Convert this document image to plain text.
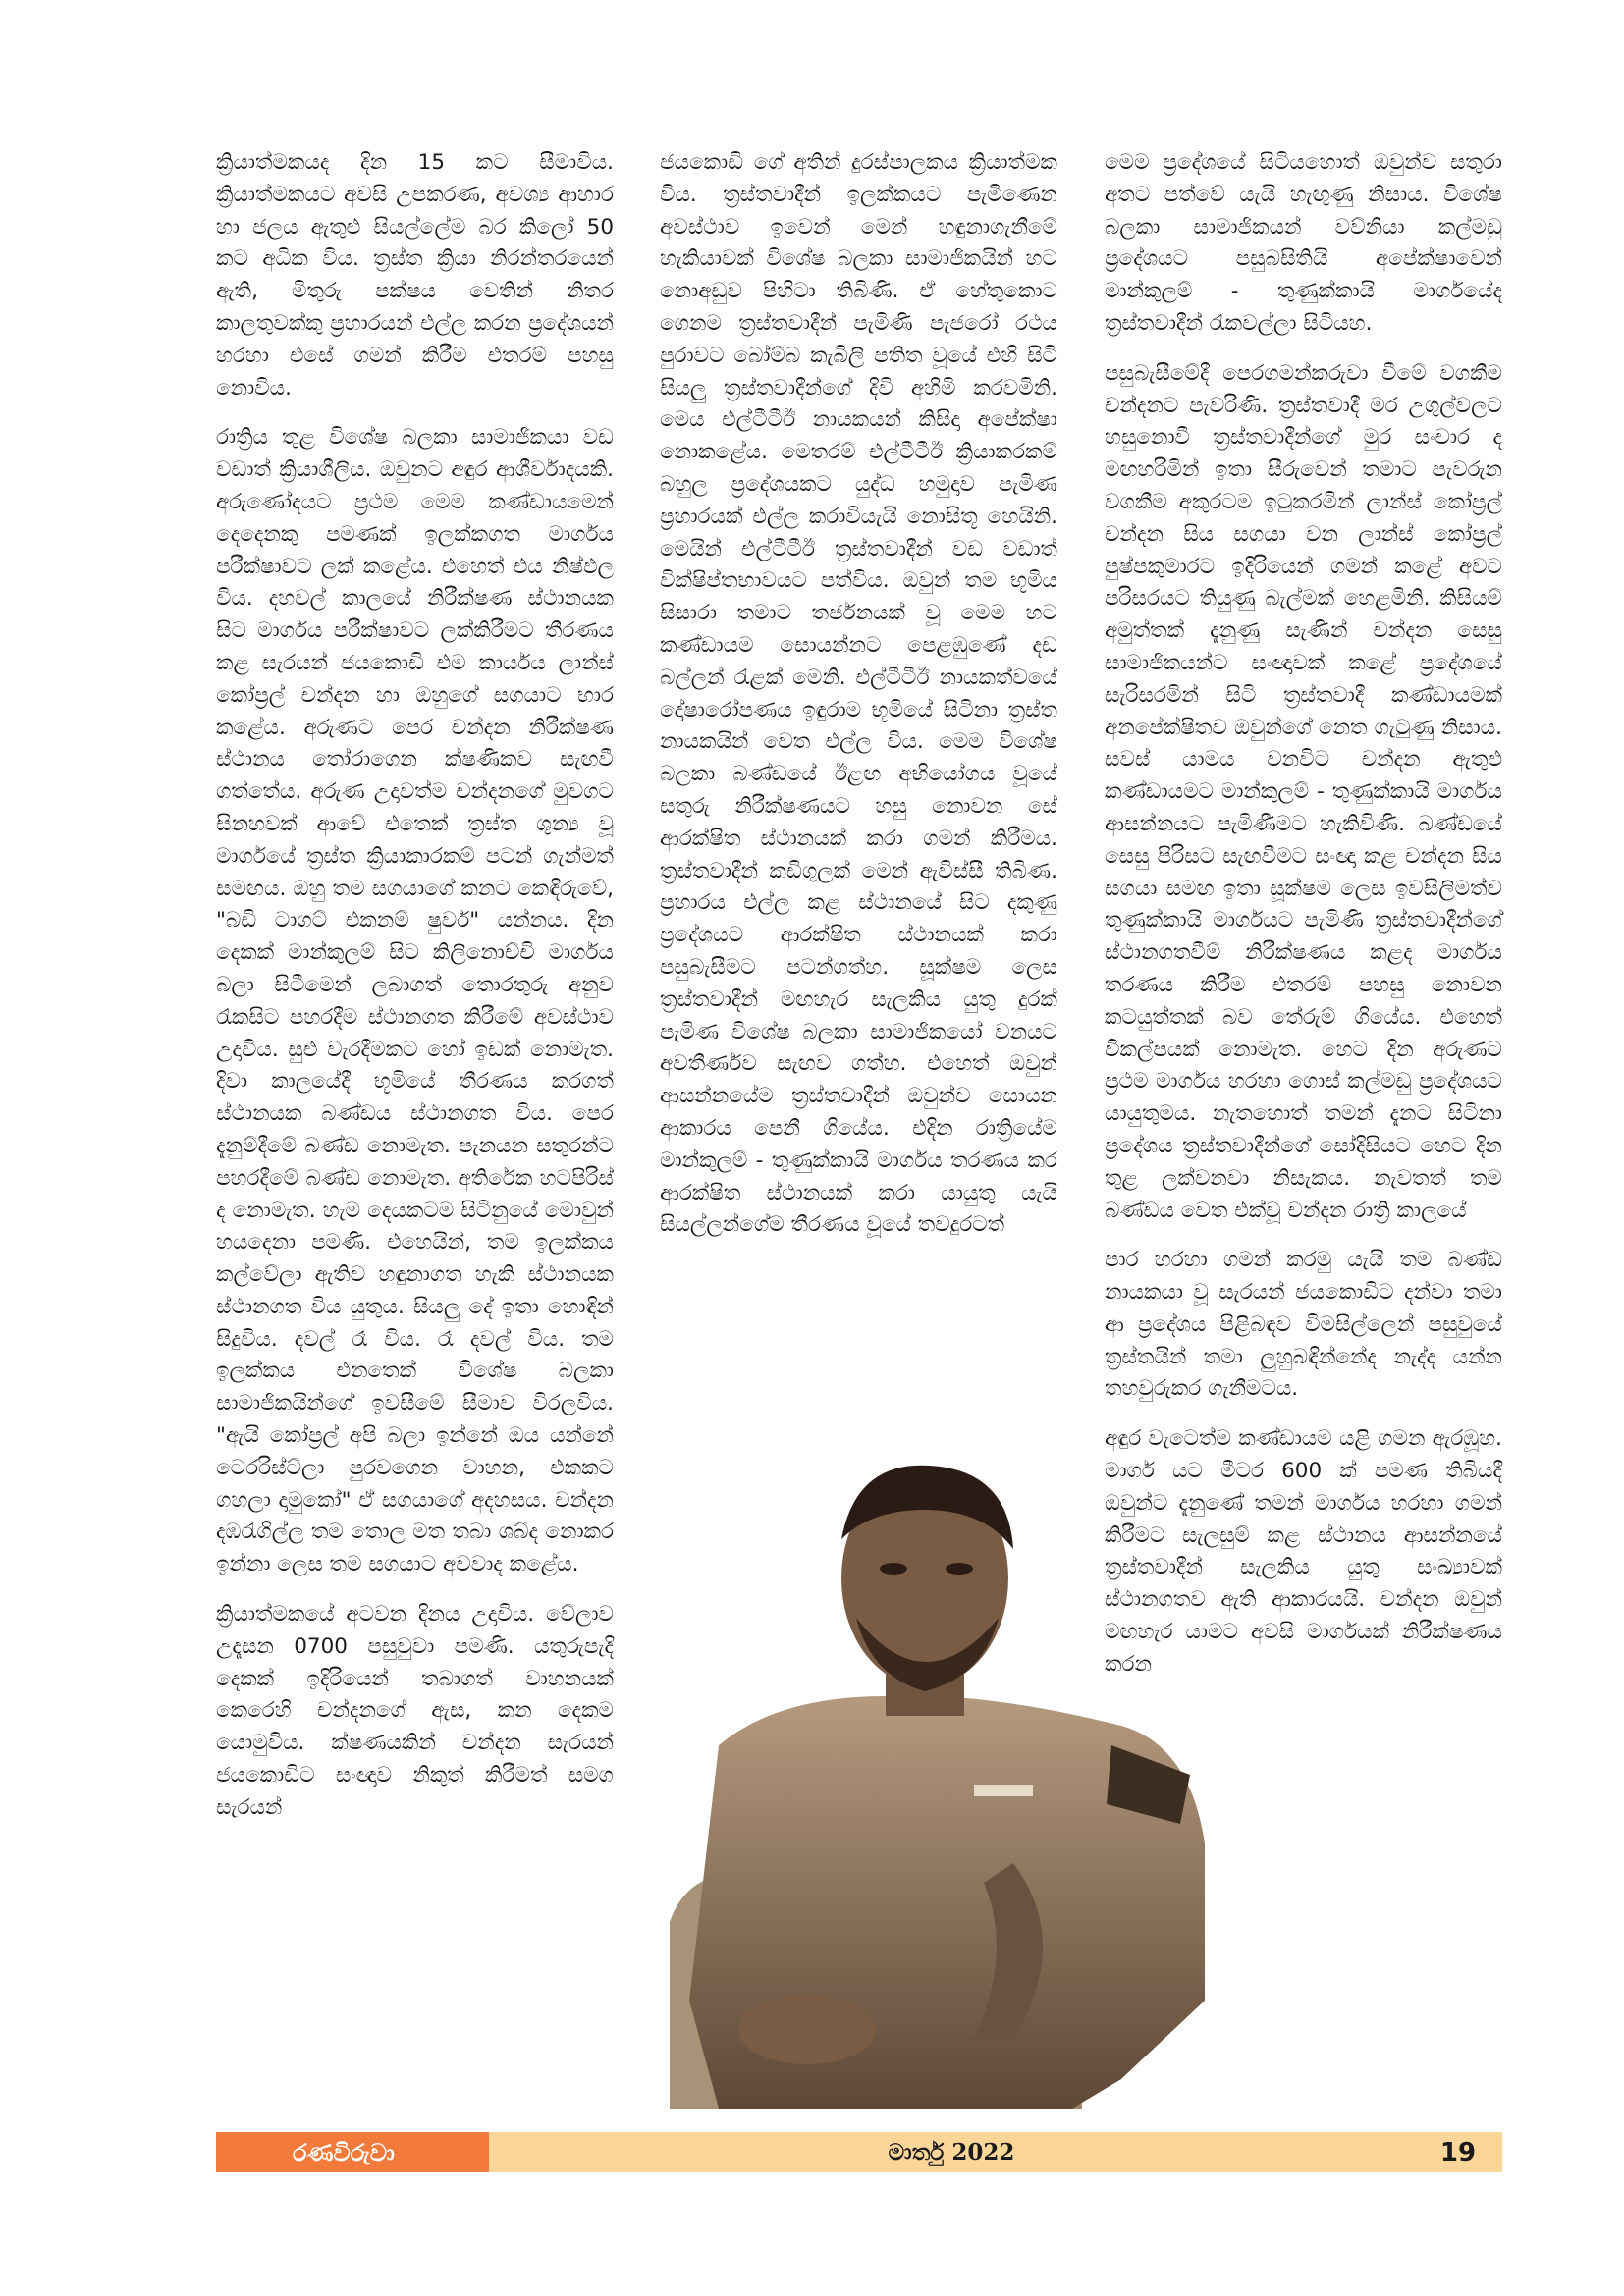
ක්‍රියාත්මකයද දින 15 කට සීමාවිය. ක්‍රියාත්මකයට අවසි උපකරණ, අවශ්‍ය ආහාර හා ජලය ඇතුළු සියල්ලේම බර කිලෝ 50 කට අධික විය. ත්‍රස්ත ක්‍රියා නිරන්තරයෙන් ඇති, මිතුරු පක්ෂය වෙතින් නිතර කාලතුවක්කු ප්‍රහාරයන් එල්ල කරන ප්‍රදේශයන් හරහා එසේ ගමන් කිරීම එතරම් පහසු නොවිය.

රාත්‍රිය තුළ විශේෂ බලකා සාමාජිකයා වඩ වඩාත් ක්‍රියාශීලිය. ඔවුනට අඳුර ආශීර්වාදයකි. අරුණෝදයට ප්‍රථම මෙම කණ්ඩායමෙන් දෙදෙනකු පමණක් ඉලක්කගත මාර්ගය පරීක්ෂාවට ලක් කළේය. එහෙත් එය නිෂ්ඵල විය. දහවල් කාලයේ නිරීක්ෂණ ස්ථානයක සිට මාර්ගය පරීක්ෂාවට ලක්කිරීමට තීරණය කළ සැරයන් ජයකොඩි එම කාර්යය ලාන්ස් කෝප්‍රල් චන්දන හා ඔහුගේ සගයාට භාර කළේය. අරුණට පෙර චන්දන නිරීක්ෂණ ස්ථානය තෝරාගෙන ක්ෂණිකව සැඟවී ගත්තේය. අරුණ උදාවත්ම චන්දනගේ මුවගට සිනහවක් ආවේ එතෙක් ත්‍රස්ත ශුන්‍ය වූ මාර්ගයේ ත්‍රස්ත ක්‍රියාකාරකම් පටන් ගැන්මත් සමඟය. ඔහු තම සගයාගේ කනට කෙඳිරුවේ, "බඩි ටාගට් එකනම් ෂුවර්" යන්නය. දින දෙකක් මාන්කුලම් සිට කිලිනොච්චි මාර්ගය බලා සිටීමෙන් ලබාගත් තොරතුරු අනුව රැකසිට පහරදීම ස්ථානගත කිරීමේ අවස්ථාව උදාවිය. සුළු වැරදීමකට හෝ ඉඩක් නොමැත. දිවා කාලයේදී භූමියේ තීරණය කරගත් ස්ථානයක බණ්ඩය ස්ථානගත විය. පෙර දැනුම්දීමේ බණ්ඩ නොමැත. පැනයන සතුරන්ට පහරදීමේ බණ්ඩ නොමැත. අතිරේක හටපිරිස් ද නොමැත. හැම දෙයකටම සිටිනුයේ මොවුන් හයදෙනා පමණි. එහෙයින්, තම ඉලක්කය කල්වේලා ඇතිව හඳුනාගත හැකි ස්ථානයක ස්ථානගත විය යුතුය. සියලු දේ ඉතා හොඳින් සිදුවිය. දවල් රෑ විය. රෑ දවල් විය. තම ඉලක්කය එනතෙක් විශේෂ බලකා සාමාජිකයින්ගේ ඉවසීමේ සීමාව විරලවිය. "ඇයි කෝප්‍රල් අපි බලා ඉන්නේ ඔය යන්නේ ටෙරරිස්ට්ලා පුරවගෙන වාහන, එකකට ගහලා දාමුකෝ" ඒ සගයාගේ අදහසය. චන්දන දඹරැගිල්ල තම තොල මත තබා ශබ්ද නොකර ඉන්නා ලෙස තම සගයාට අවවාද කළේය.

ක්‍රියාත්මකයේ අටවන දිනය උදාවිය. වේලාව උදෑසන 0700 පසුවුවා පමණි. යතුරුපැදි දෙකක් ඉදිරියෙන් තබාගත් වාහනයක් කෙරෙහි චන්දනගේ ඇස, කන දෙකම යොමුවිය. ක්ෂණයකින් චන්දන සැරයන් ජයකොඩිට සංඥාව නිකුත් කිරීමත් සමග සැරයන්

ජයකොඩි ගේ අතින් දුරස්පාලකය ක්‍රියාත්මක විය. ත්‍රස්තවාදීන් ඉලක්කයට පැමිණෙන අවස්ථාව ඉවෙන් මෙන් හඳුනාගැනීමේ හැකියාවක් විශේෂ බලකා සාමාජිකයින් හට නොඅඩුව පිහිටා තිබිණි. ඒ හේතුකොට ගෙනම ත්‍රස්තවාදීන් පැමිණි පැජරෝ රථය පුරාවට බෝම්බ කැබිලි පතිත වූයේ එහි සිටි සියලු ත්‍රස්තවාදීන්ගේ දිවි අහිමි කරවමිනි. මෙය එල්ටීටීඊ නායකයන් කිසිදා අපේක්ෂා නොකළේය. මෙතරම් එල්ටීටීඊ ක්‍රියාකරකම් බහුල ප්‍රදේශයකට යුද්ධ හමුදාව පැමිණ ප්‍රහාරයක් එල්ල කරාවියැයි නොසිතූ හෙයිනි. මෙයින් එල්ටීටීඊ ත්‍රස්තවාදීන් වඩ වඩාත් වික්ෂිප්තභාවයට පත්විය. ඔවුන් තම භූමිය සිසාරා තමාට තර්ජනයක් වූ මෙම හට කණ්ඩායම සොයන්නට පෙළඹුණේ දඩ බල්ලන් රැළක් මෙනි. එල්ටීටීඊ නායකත්වයේ දෝෂාරෝපණය ඉඳුරාම භූමියේ සිටිනා ත්‍රස්ත නායකයින් වෙත එල්ල විය. මෙම විශේෂ බලකා බණ්ඩයේ ඊළඟ අභියෝගය වූයේ සතුරු නිරීක්ෂණයට හසු නොවන සේ ආරක්ෂිත ස්ථානයක් කරා ගමන් කිරීමය. ත්‍රස්තවාදීන් කඩිගුලක් මෙන් ඇවිස්සී තිබිණ. ප්‍රහාරය එල්ල කළ ස්ථානයේ සිට දකුණු ප්‍රදේශයට ආරක්ෂිත ස්ථානයක් කරා පසුබැසීමට පටන්ගත්හ. සූක්ෂම ලෙස ත්‍රස්තවාදීන් මඟහැර සැලකිය යුතු දුරක් පැමිණ විශේෂ බලකා සාමාජිකයෝ වනයට අවතීර්ණව සැඟව ගත්හ. එහෙත් ඔවුන් ආසන්නයේම ත්‍රස්තවාදීන් ඔවුන්ව සොයන ආකාරය පෙනී ගියේය. එදින රාත්‍රියේම මාන්කුලම් - තුණුක්කායි මාර්ගය තරණය කර ආරක්ෂිත ස්ථානයක් කරා යායුතු යැයි සියල්ලන්ගේම තීරණය වූයේ තවදුරටත්

මෙම ප්‍රදේශයේ සිටියහොත් ඔවුන්ව සතුරා අතට පත්වේ යැයි හැඟුණු නිසාය. විශේෂ බලකා සාමාජිකයන් වව්නියා කල්මඩු ප්‍රදේශයට පසුබසිතියි අපේක්ෂාවෙන් මාන්කුලම් - තුණුක්කායි මාර්ගයේද ත්‍රස්තවාදීන් රැකවල්ලා සිටියහ.

පසුබැසීමේදී පෙරගමන්කරුවා වීමේ වගකීම චන්දනට පැවරිණි. ත්‍රස්තවාදී මර උගුල්වලට හසුනොවී ත්‍රස්තවාදීන්ගේ මුර සංචාර ද මඟහරිමින් ඉතා සීරුවෙන් තමාට පැවරුන වගකීම අකුරටම ඉටුකරමින් ලාන්ස් කෝප්‍රල් චන්දන සිය සගයා වන ලාන්ස් කෝප්‍රල් පුෂ්පකුමාරට ඉදිරියෙන් ගමන් කළේ අවට පරිසරයට තියුණු බැල්මක් හෙළමිනි. කිසියම් අමුත්තක් දැනුණු සැණින් චන්දන සෙසු සාමාජිකයන්ට සංඥාවක් කළේ ප්‍රදේශයේ සැරිසරමින් සිටි ත්‍රස්තවාදී කණ්ඩායමක් අනපේක්ෂිතව ඔවුන්ගේ නෙත ගැටුණු නිසාය. සවස් යාමය වනවිට චන්දන ඇතුළු කණ්ඩායමට මාන්කුලම් - තුණුක්කායි මාර්ගය ආසන්නයට පැමිණීමට හැකිවිණි. බණ්ඩයේ සෙසු පිරිසට සැඟවීමට සංඥා කළ චන්දන සිය සගයා සමඟ ඉතා සූක්ෂම ලෙස ඉවසිලිමත්ව තුණුක්කායි මාර්ගයට පැමිණි ත්‍රස්තවාදීන්ගේ ස්ථානගතවීම් නිරීක්ෂණය කළද මාර්ගය තරණය කිරීම එතරම් පහසු නොවන කටයුත්තක් බව තේරුම් ගියේය. එහෙත් විකල්පයක් නොමැත. හෙට දින අරුණට ප්‍රථම මාර්ගය හරහා ගොස් කල්මඩු ප්‍රදේශයට යායුතුමය. නැතහොත් තමන් දැනට සිටිනා ප්‍රදේශය ත්‍රස්තවාදීන්ගේ සෝදිසියට හෙට දින තුළ ලක්වනවා නිසැකය. නැවතත් තම බණ්ඩය වෙත එක්වූ චන්දන රාත්‍රි කාලයේ

පාර හරහා ගමන් කරමු යැයි තම බණ්ඩ නායකයා වූ සැරයන් ජයකොඩිට දන්වා තමා ආ ප්‍රදේශය පිළිබඳව විමසිල්ලෙන් පසුවුයේ ත්‍රස්තයින් තමා ලුහුබඳින්නේද නැද්ද යන්න තහවුරුකර ගැනීමටය.

අඳුර වැටෙත්ම කණ්ඩායම යළි ගමන ඇරඹූහ. මාර්ග යට මීටර 600 ක් පමණ තිබියදී ඔවුන්ට දැනුණේ තමන් මාර්ගය හරහා ගමන් කිරීමට සැලසුම් කළ ස්ථානය ආසන්නයේ ත්‍රස්තවාදීන් සැලකිය යුතු සංඛ්‍යාවක් ස්ථානගතව ඇති ආකාරයයි. චන්දන ඔවුන් මඟහැර යාමට අවසි මාර්ගයක් නිරීක්ෂණය කරන

රණවිරුවා	මාර්තු 2022	19
